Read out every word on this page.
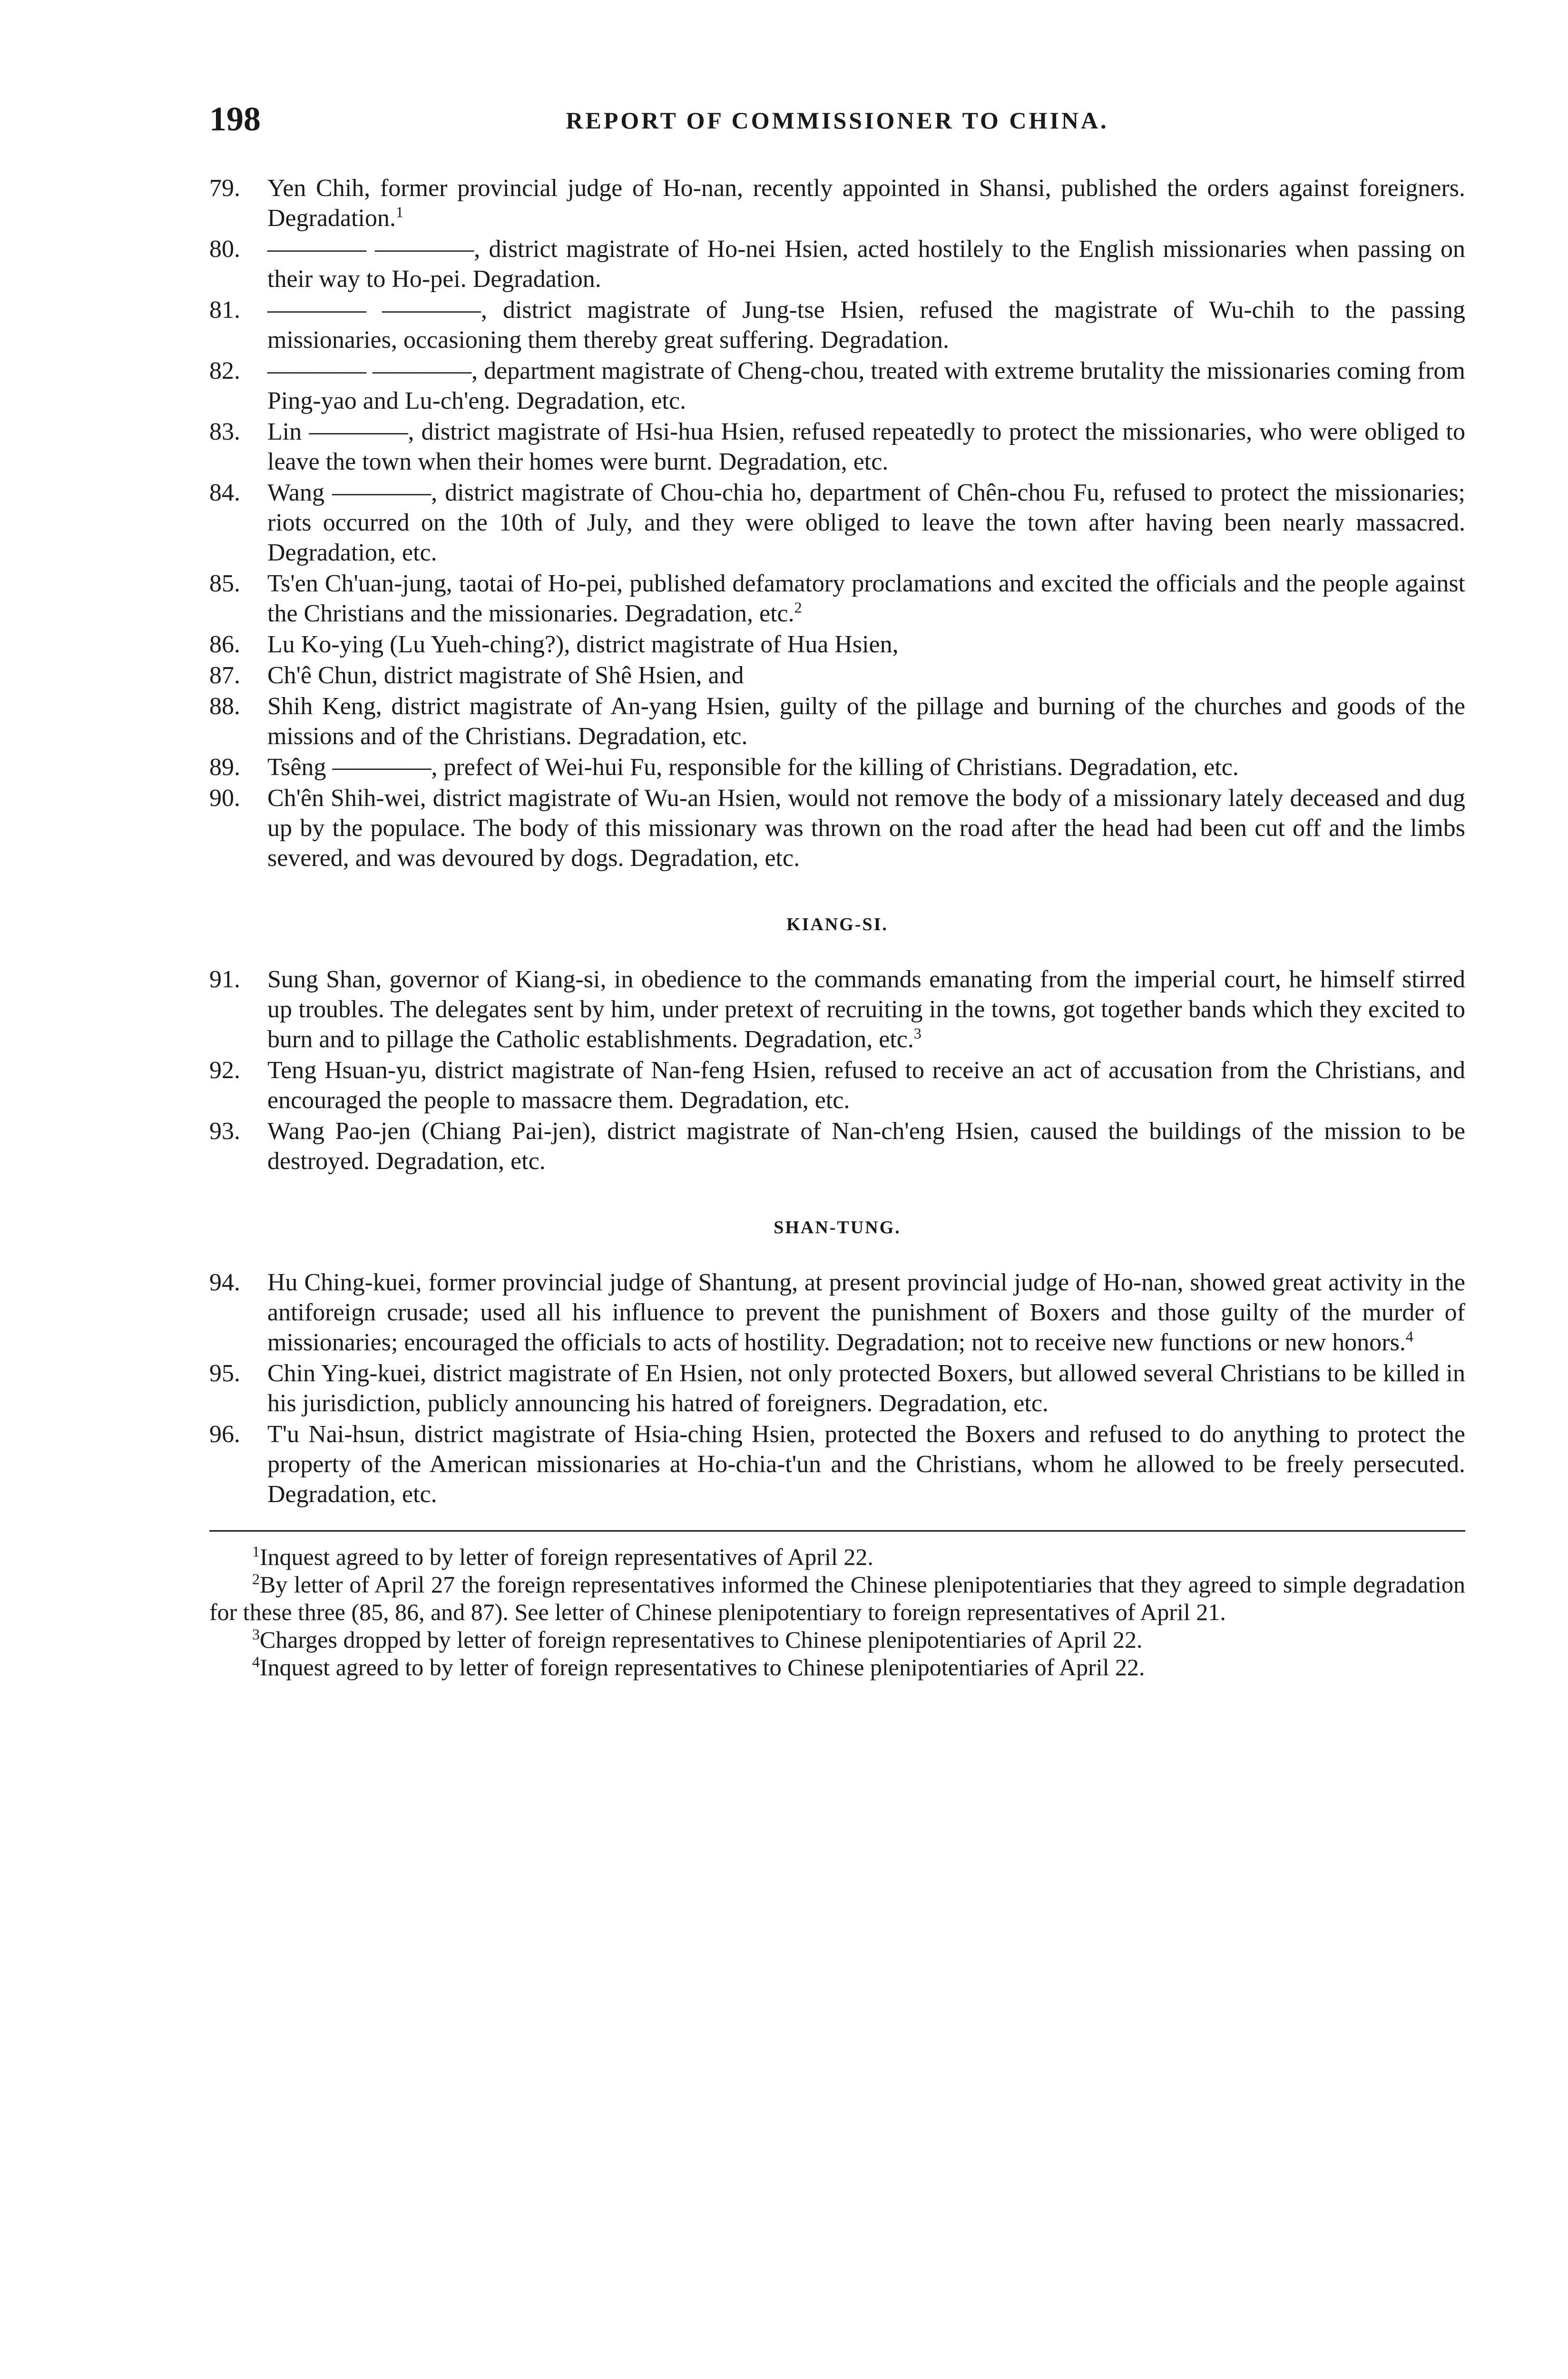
198	REPORT OF COMMISSIONER TO CHINA.
79. Yen Chih, former provincial judge of Ho-nan, recently appointed in Shansi, published the orders against foreigners. Degradation.$^1$
80. ———— ————, district magistrate of Ho-nei Hsien, acted hostilely to the English missionaries when passing on their way to Ho-pei. Degradation.
81. ———— ————, district magistrate of Jung-tse Hsien, refused the magistrate of Wu-chih to the passing missionaries, occasioning them thereby great suffering. Degradation.
82. ———— ————, department magistrate of Cheng-chou, treated with extreme brutality the missionaries coming from Ping-yao and Lu-ch'eng. Degradation, etc.
83. Lin ————, district magistrate of Hsi-hua Hsien, refused repeatedly to protect the missionaries, who were obliged to leave the town when their homes were burnt. Degradation, etc.
84. Wang ————, district magistrate of Chou-chia ho, department of Chên-chou Fu, refused to protect the missionaries; riots occurred on the 10th of July, and they were obliged to leave the town after having been nearly massacred. Degradation, etc.
85. Ts'en Ch'uan-jung, taotai of Ho-pei, published defamatory proclamations and excited the officials and the people against the Christians and the missionaries. Degradation, etc.$^2$
86. Lu Ko-ying (Lu Yueh-ching?), district magistrate of Hua Hsien,
87. Ch'ê Chun, district magistrate of Shê Hsien, and
88. Shih Keng, district magistrate of An-yang Hsien, guilty of the pillage and burning of the churches and goods of the missions and of the Christians. Degradation, etc.
89. Tsêng ————, prefect of Wei-hui Fu, responsible for the killing of Christians. Degradation, etc.
90. Ch'ên Shih-wei, district magistrate of Wu-an Hsien, would not remove the body of a missionary lately deceased and dug up by the populace. The body of this missionary was thrown on the road after the head had been cut off and the limbs severed, and was devoured by dogs. Degradation, etc.
KIANG-SI.
91. Sung Shan, governor of Kiang-si, in obedience to the commands emanating from the imperial court, he himself stirred up troubles. The delegates sent by him, under pretext of recruiting in the towns, got together bands which they excited to burn and to pillage the Catholic establishments. Degradation, etc.$^3$
92. Teng Hsuan-yu, district magistrate of Nan-feng Hsien, refused to receive an act of accusation from the Christians, and encouraged the people to massacre them. Degradation, etc.
93. Wang Pao-jen (Chiang Pai-jen), district magistrate of Nan-ch'eng Hsien, caused the buildings of the mission to be destroyed. Degradation, etc.
SHAN-TUNG.
94. Hu Ching-kuei, former provincial judge of Shantung, at present provincial judge of Ho-nan, showed great activity in the antiforeign crusade; used all his influence to prevent the punishment of Boxers and those guilty of the murder of missionaries; encouraged the officials to acts of hostility. Degradation; not to receive new functions or new honors.$^4$
95. Chin Ying-kuei, district magistrate of En Hsien, not only protected Boxers, but allowed several Christians to be killed in his jurisdiction, publicly announcing his hatred of foreigners. Degradation, etc.
96. T'u Nai-hsun, district magistrate of Hsia-ching Hsien, protected the Boxers and refused to do anything to protect the property of the American missionaries at Ho-chia-t'un and the Christians, whom he allowed to be freely persecuted. Degradation, etc.

$^1$Inquest agreed to by letter of foreign representatives of April 22.

$^2$By letter of April 27 the foreign representatives informed the Chinese plenipotentiaries that they agreed to simple degradation for these three (85, 86, and 87). See letter of Chinese plenipotentiary to foreign representatives of April 21.

$^3$Charges dropped by letter of foreign representatives to Chinese plenipotentiaries of April 22.

$^4$Inquest agreed to by letter of foreign representatives to Chinese plenipotentiaries of April 22.
